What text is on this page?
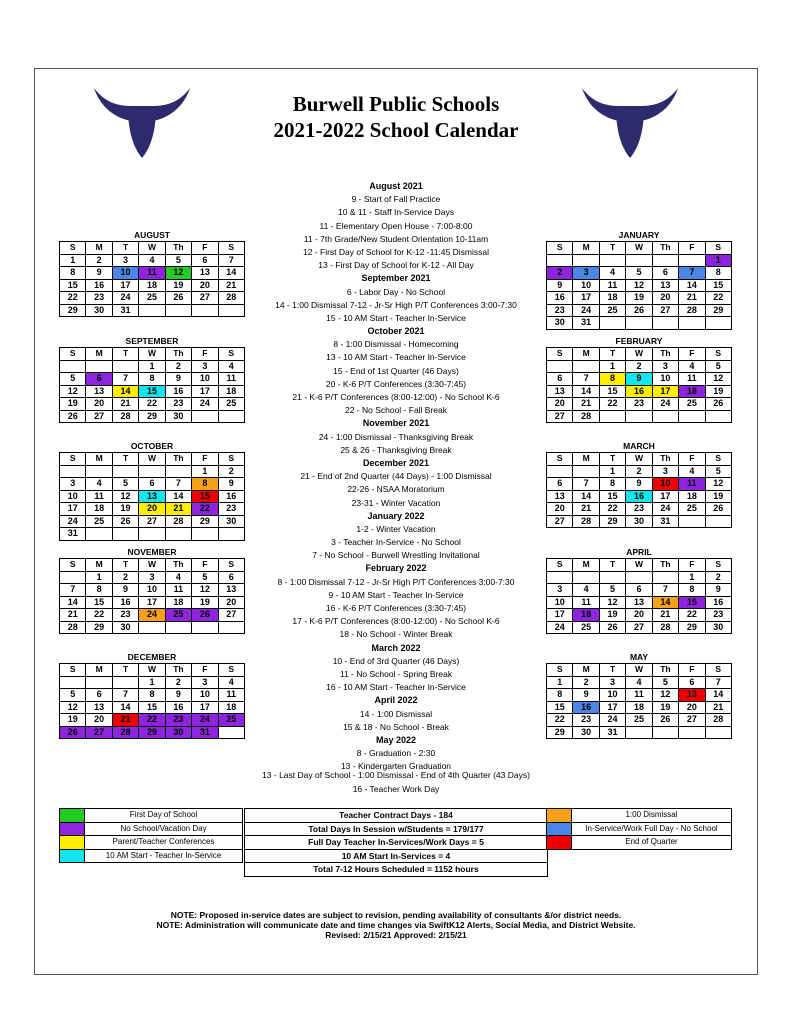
Burwell Public Schools
2021-2022 School Calendar
AUGUST
S	M	T	W	Th	F	S
1	2	3	4	5	6	7
8	9	10	11	12	13	14
15	16	17	18	19	20	21
22	23	24	25	26	27	28
29	30	31				
SEPTEMBER
S	M	T	W	Th	F	S
			1	2	3	4
5	6	7	8	9	10	11
12	13	14	15	16	17	18
19	20	21	22	23	24	25
26	27	28	29	30		
OCTOBER
S	M	T	W	Th	F	S
					1	2
3	4	5	6	7	8	9
10	11	12	13	14	15	16
17	18	19	20	21	22	23
24	25	26	27	28	29	30
31						
NOVEMBER
S	M	T	W	Th	F	S
	1	2	3	4	5	6
7	8	9	10	11	12	13
14	15	16	17	18	19	20
21	22	23	24	25	26	27
28	29	30				
DECEMBER
S	M	T	W	Th	F	S
			1	2	3	4
5	6	7	8	9	10	11
12	13	14	15	16	17	18
19	20	21	22	23	24	25
26	27	28	29	30	31	
JANUARY
S	M	T	W	Th	F	S
						1
2	3	4	5	6	7	8
9	10	11	12	13	14	15
16	17	18	19	20	21	22
23	24	25	26	27	28	29
30	31					
FEBRUARY
S	M	T	W	Th	F	S
		1	2	3	4	5
6	7	8	9	10	11	12
13	14	15	16	17	18	19
20	21	22	23	24	25	26
27	28					
MARCH
S	M	T	W	Th	F	S
		1	2	3	4	5
6	7	8	9	10	11	12
13	14	15	16	17	18	19
20	21	22	23	24	25	26
27	28	29	30	31		
APRIL
S	M	T	W	Th	F	S
					1	2
3	4	5	6	7	8	9
10	11	12	13	14	15	16
17	18	19	20	21	22	23
24	25	26	27	28	29	30
MAY
S	M	T	W	Th	F	S
1	2	3	4	5	6	7
8	9	10	11	12	13	14
15	16	17	18	19	20	21
22	23	24	25	26	27	28
29	30	31				
August 2021
9 - Start of Fall Practice
10 & 11 - Staff In-Service Days
11 - Elementary Open House - 7:00-8:00
11 - 7th Grade/New Student Orientation 10-11am
12 - First Day of School for K-12 -11:45 Dismissal
13 - First Day of School for K-12 - All Day
September 2021
6 - Labor Day - No School
14 - 1:00 Dismissal 7-12 - Jr-Sr High P/T Conferences 3:00-7:30
15 - 10 AM Start - Teacher In-Service
October 2021
8 - 1:00 Dismissal - Homecoming
13 - 10 AM Start - Teacher In-Service
15 - End of 1st Quarter (46 Days)
20 - K-6 P/T Conferences (3:30-7:45)
21 - K-6 P/T Conferences (8:00-12:00) - No School K-6
22 - No School - Fall Break
November 2021
24 - 1:00 Dismissal - Thanksgiving Break
25 & 26 - Thanksgiving Break
December 2021
21 - End of 2nd Quarter (44 Days) - 1:00 Dismissal
22-26 - NSAA Moratorium
23-31 - Winter Vacation
January 2022
1-2 - Winter Vacation
3 - Teacher In-Service - No School
7 - No School - Burwell Wrestling Invitational
February 2022
8 - 1:00 Dismissal 7-12 - Jr-Sr High P/T Conferences 3:00-7:30
9 - 10 AM Start - Teacher In-Service
16 - K-6 P/T Conferences (3:30-7:45)
17 - K-6 P/T Conferences (8:00-12:00) - No School K-6
18 - No School - Winter Break
March 2022
10 - End of 3rd Quarter (46 Days)
11 - No School - Spring Break
16 - 10 AM Start - Teacher In-Service
April 2022
14 - 1:00 Dismissal
15 & 18 - No School - Break
May 2022
8 - Graduation - 2:30
13 - Kindergarten Graduation
13 - Last Day of School - 1:00 Dismissal - End of 4th Quarter (43 Days)
16 - Teacher Work Day
	First Day of School
	No School/Vacation Day
	Parent/Teacher Conferences
	10 AM Start - Teacher In-Service
Teacher Contract Days - 184
Total Days In Session w/Students = 179/177
Full Day Teacher In-Services/Work Days = 5
10 AM Start In-Services = 4
Total 7-12 Hours Scheduled = 1152 hours
	1:00 Dismissal
	In-Service/Work Full Day - No School
	End of Quarter
NOTE: Proposed in-service dates are subject to revision, pending availability of consultants &/or district needs.
NOTE: Administration will communicate date and time changes via SwiftK12 Alerts, Social Media, and District Website.
Revised: 2/15/21 Approved: 2/15/21
